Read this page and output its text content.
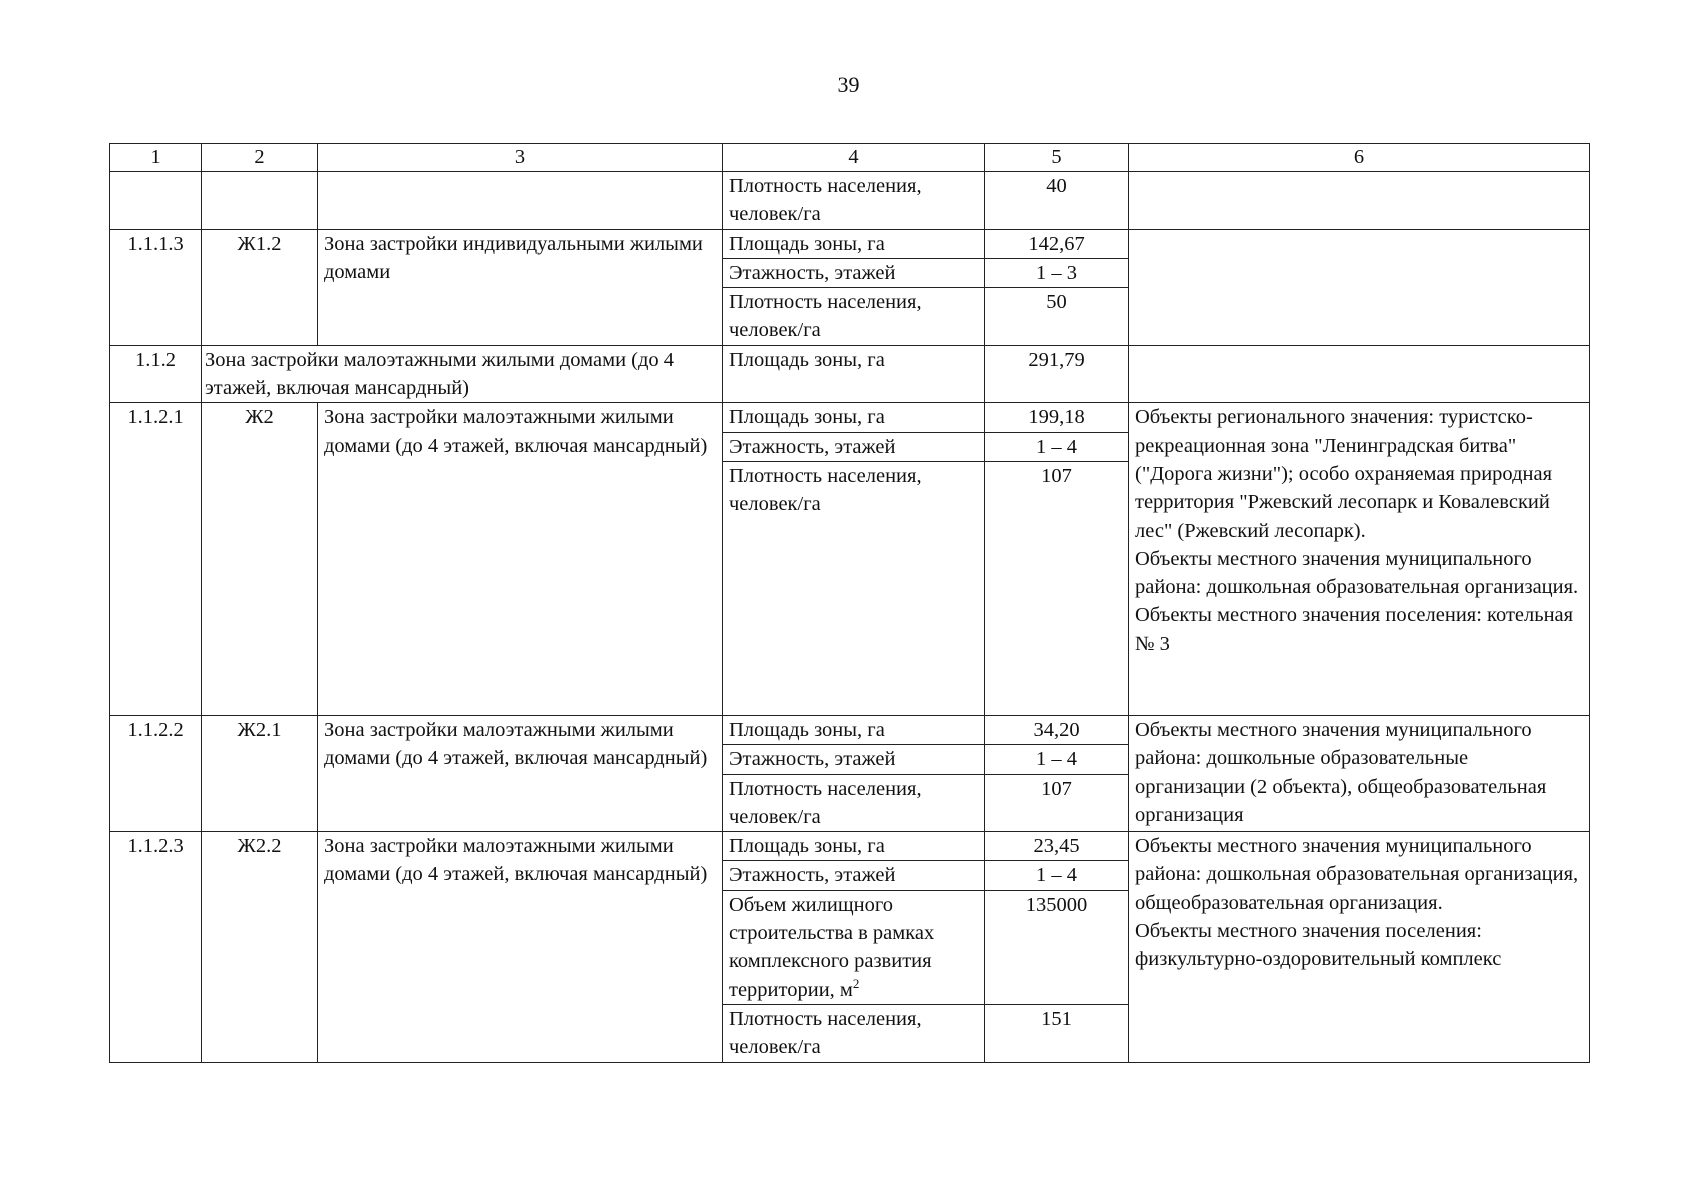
39
1	2	3	4	5	6
			Плотность населения, человек/га	40	
1.1.1.3	Ж1.2	Зона застройки индивидуальными жилыми домами	Площадь зоны, га	142,67	
			Этажность, этажей	1 – 3	
			Плотность населения, человек/га	50	
1.1.2	Зона застройки малоэтажными жилыми домами (до 4 этажей, включая мансардный)		Площадь зоны, га	291,79	
1.1.2.1	Ж2	Зона застройки малоэтажными жилыми домами (до 4 этажей, включая мансардный)	Площадь зоны, га	199,18	Объекты регионального значения: туристско-рекреационная зона "Ленинградская битва" ("Дорога жизни"); особо охраняемая природная территория "Ржевский лесопарк и Ковалевский лес" (Ржевский лесопарк).
Объекты местного значения муниципального района: дошкольная образовательная организация.
Объекты местного значения поселения: котельная № 3

			Этажность, этажей	1 – 4	
			Плотность населения, человек/га	107	
1.1.2.2	Ж2.1	Зона застройки малоэтажными жилыми домами (до 4 этажей, включая мансардный)	Площадь зоны, га	34,20	Объекты местного значения муниципального района: дошкольные образовательные организации (2 объекта), общеобразовательная организация

			Этажность, этажей	1 – 4	
			Плотность населения, человек/га	107	
1.1.2.3	Ж2.2	Зона застройки малоэтажными жилыми домами (до 4 этажей, включая мансардный)	Площадь зоны, га	23,45	Объекты местного значения муниципального района: дошкольная образовательная организация, общеобразовательная организация.
Объекты местного значения поселения: физкультурно-оздоровительный комплекс

			Этажность, этажей	1 – 4	
			Объем жилищного строительства в рамках комплексного развития территории, $м^2$	135000	
			Плотность населения, человек/га	151	
